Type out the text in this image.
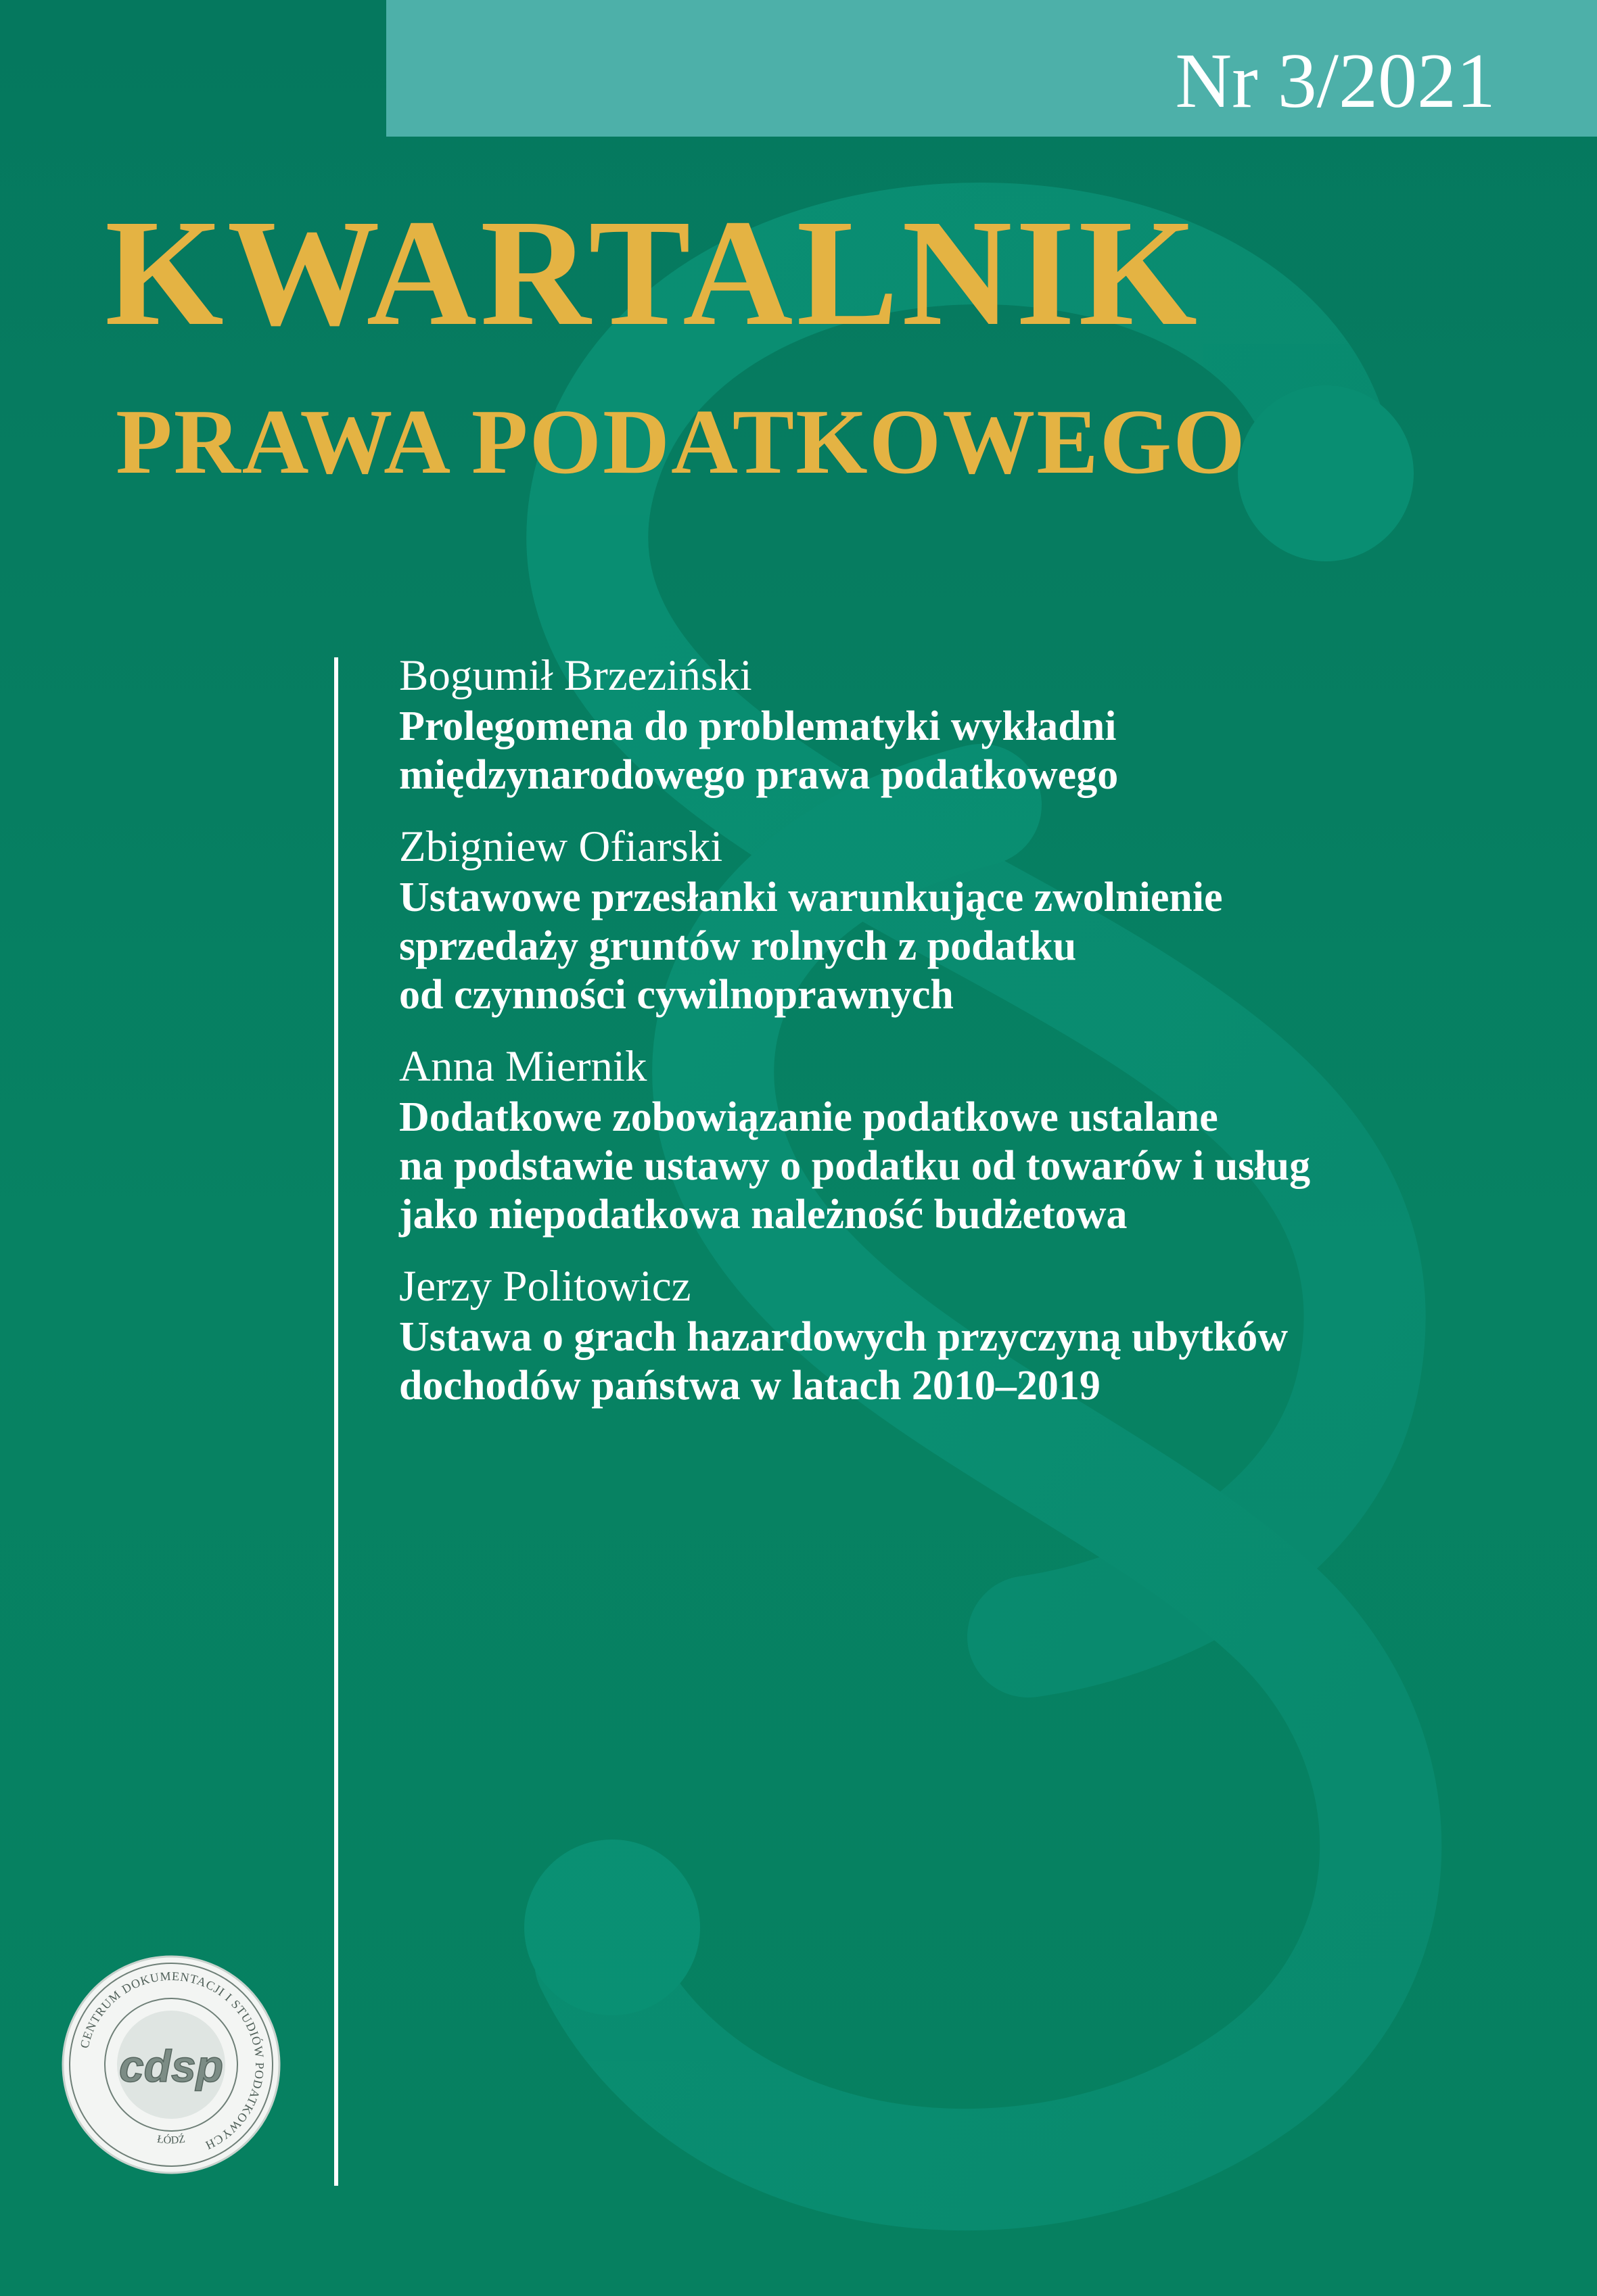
Nr 3/2021

KWARTALNIK
PRAWA PODATKOWEGO

Bogumił Brzeziński

Prolegomena do problematyki wykładni
międzynarodowego prawa podatkowego

Zbigniew Ofiarski

Ustawowe przesłanki warunkujące zwolnienie
sprzedaży gruntów rolnych z podatku
od czynności cywilnoprawnych

Anna Miernik

Dodatkowe zobowiązanie podatkowe ustalane
na podstawie ustawy o podatku od towarów i usług
jako niepodatkowa należność budżetowa

Jerzy Politowicz

Ustawa o grach hazardowych przyczyną ubytków
dochodów państwa w latach 2010–2019

CENTRUM DOKUMENTACJI I STUDIÓW PODATKOWYCH
ŁÓDŹ
cdsp
